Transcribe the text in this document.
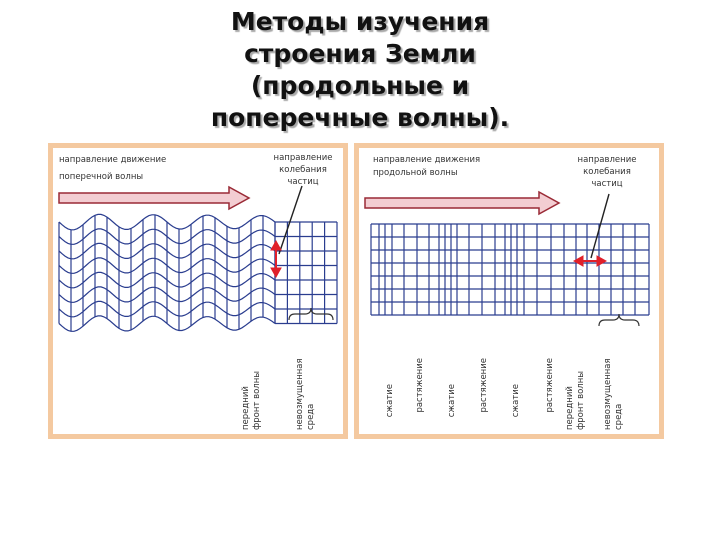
Методы изучения
строения Земли
(продольные и
поперечные волны).
направление движение
поперечной волны
направление
колебания
частиц
передний фронт волны	невозмущенная среда
направление движения
продольной волны
направление
колебания
частиц
сжатие растяжение	сжатие	растяжение	сжатие	растяжение передний фронт волны	невозмущенная среда
